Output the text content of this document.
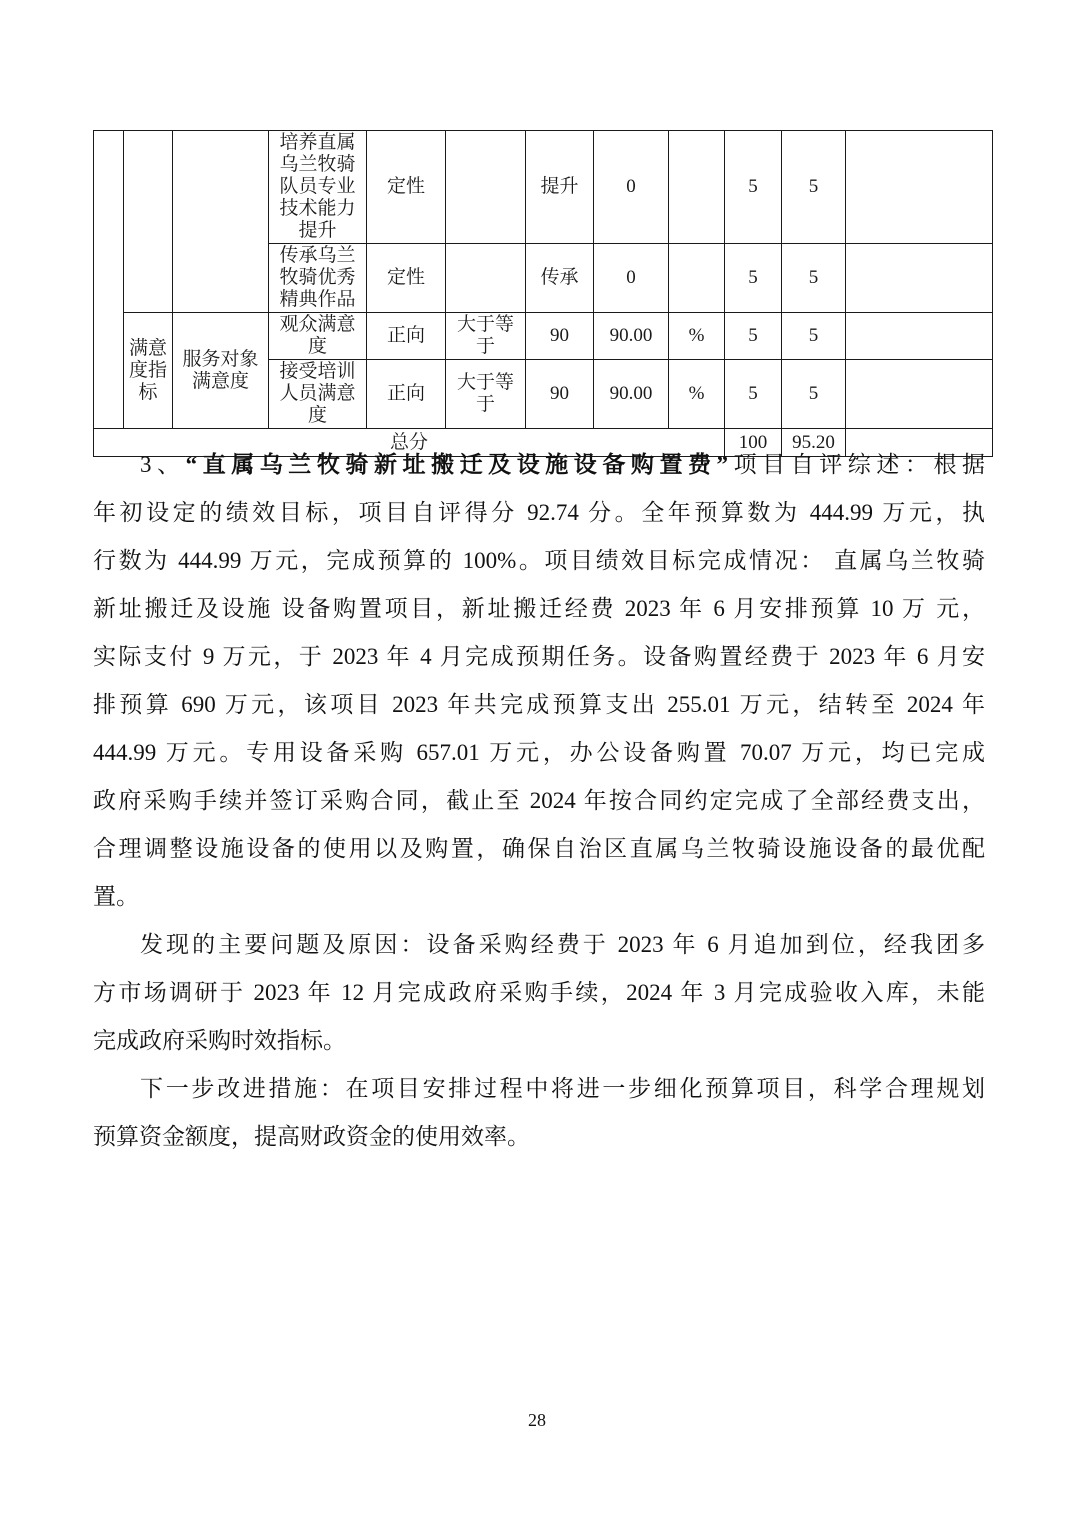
			培养直属乌兰牧骑队员专业技术能力提升	定性		提升	0		5	5	
			传承乌兰牧骑优秀精典作品	定性		传承	0		5	5	
	满意度指标	服务对象满意度	观众满意度	正向	大于等于	90	90.00	%	5	5	
			接受培训人员满意度	正向	大于等于	90	90.00	%	5	5	
总分									100	95.20	
3、“直属乌兰牧骑新址搬迁及设施设备购置费”项目自评综述：根据
年初设定的绩效目标，项目自评得分 92.74 分。全年预算数为 444.99 万元，执
行数为 444.99 万元，完成预算的 100%。项目绩效目标完成情况： 直属乌兰牧骑
新址搬迁及设施 设备购置项目，新址搬迁经费 2023 年 6 月安排预算 10 万 元，
实际支付 9 万元，于 2023 年 4 月完成预期任务。设备购置经费于 2023 年 6 月安
排预算 690 万元，该项目 2023 年共完成预算支出 255.01 万元，结转至 2024 年
444.99 万元。专用设备采购 657.01 万元，办公设备购置 70.07 万元，均已完成
政府采购手续并签订采购合同，截止至 2024 年按合同约定完成了全部经费支出，
合理调整设施设备的使用以及购置，确保自治区直属乌兰牧骑设施设备的最优配
置。
发现的主要问题及原因：设备采购经费于 2023 年 6 月追加到位，经我团多
方市场调研于 2023 年 12 月完成政府采购手续，2024 年 3 月完成验收入库，未能
完成政府采购时效指标。
下一步改进措施：在项目安排过程中将进一步细化预算项目，科学合理规划
预算资金额度，提高财政资金的使用效率。
28
